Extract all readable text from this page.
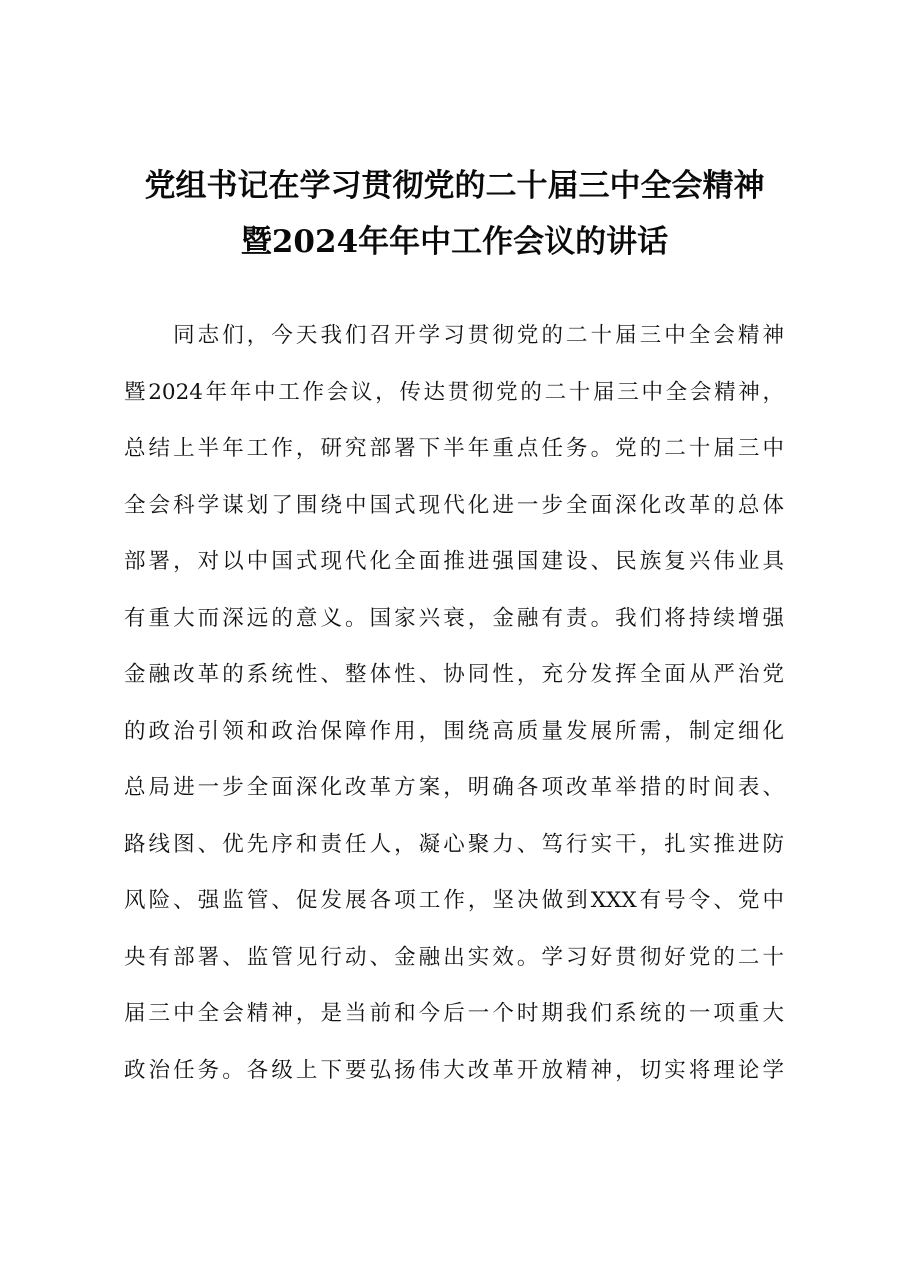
党组书记在学习贯彻党的二十届三中全会精神
暨2024年年中工作会议的讲话
　　同志们，今天我们召开学习贯彻党的二十届三中全会精神
暨2024年年中工作会议，传达贯彻党的二十届三中全会精神，
总结上半年工作，研究部署下半年重点任务。党的二十届三中
全会科学谋划了围绕中国式现代化进一步全面深化改革的总体
部署，对以中国式现代化全面推进强国建设、民族复兴伟业具
有重大而深远的意义。国家兴衰，金融有责。我们将持续增强
金融改革的系统性、整体性、协同性，充分发挥全面从严治党
的政治引领和政治保障作用，围绕高质量发展所需，制定细化
总局进一步全面深化改革方案，明确各项改革举措的时间表、
路线图、优先序和责任人，凝心聚力、笃行实干，扎实推进防
风险、强监管、促发展各项工作，坚决做到XXX有号令、党中
央有部署、监管见行动、金融出实效。学习好贯彻好党的二十
届三中全会精神，是当前和今后一个时期我们系统的一项重大
政治任务。各级上下要弘扬伟大改革开放精神，切实将理论学
